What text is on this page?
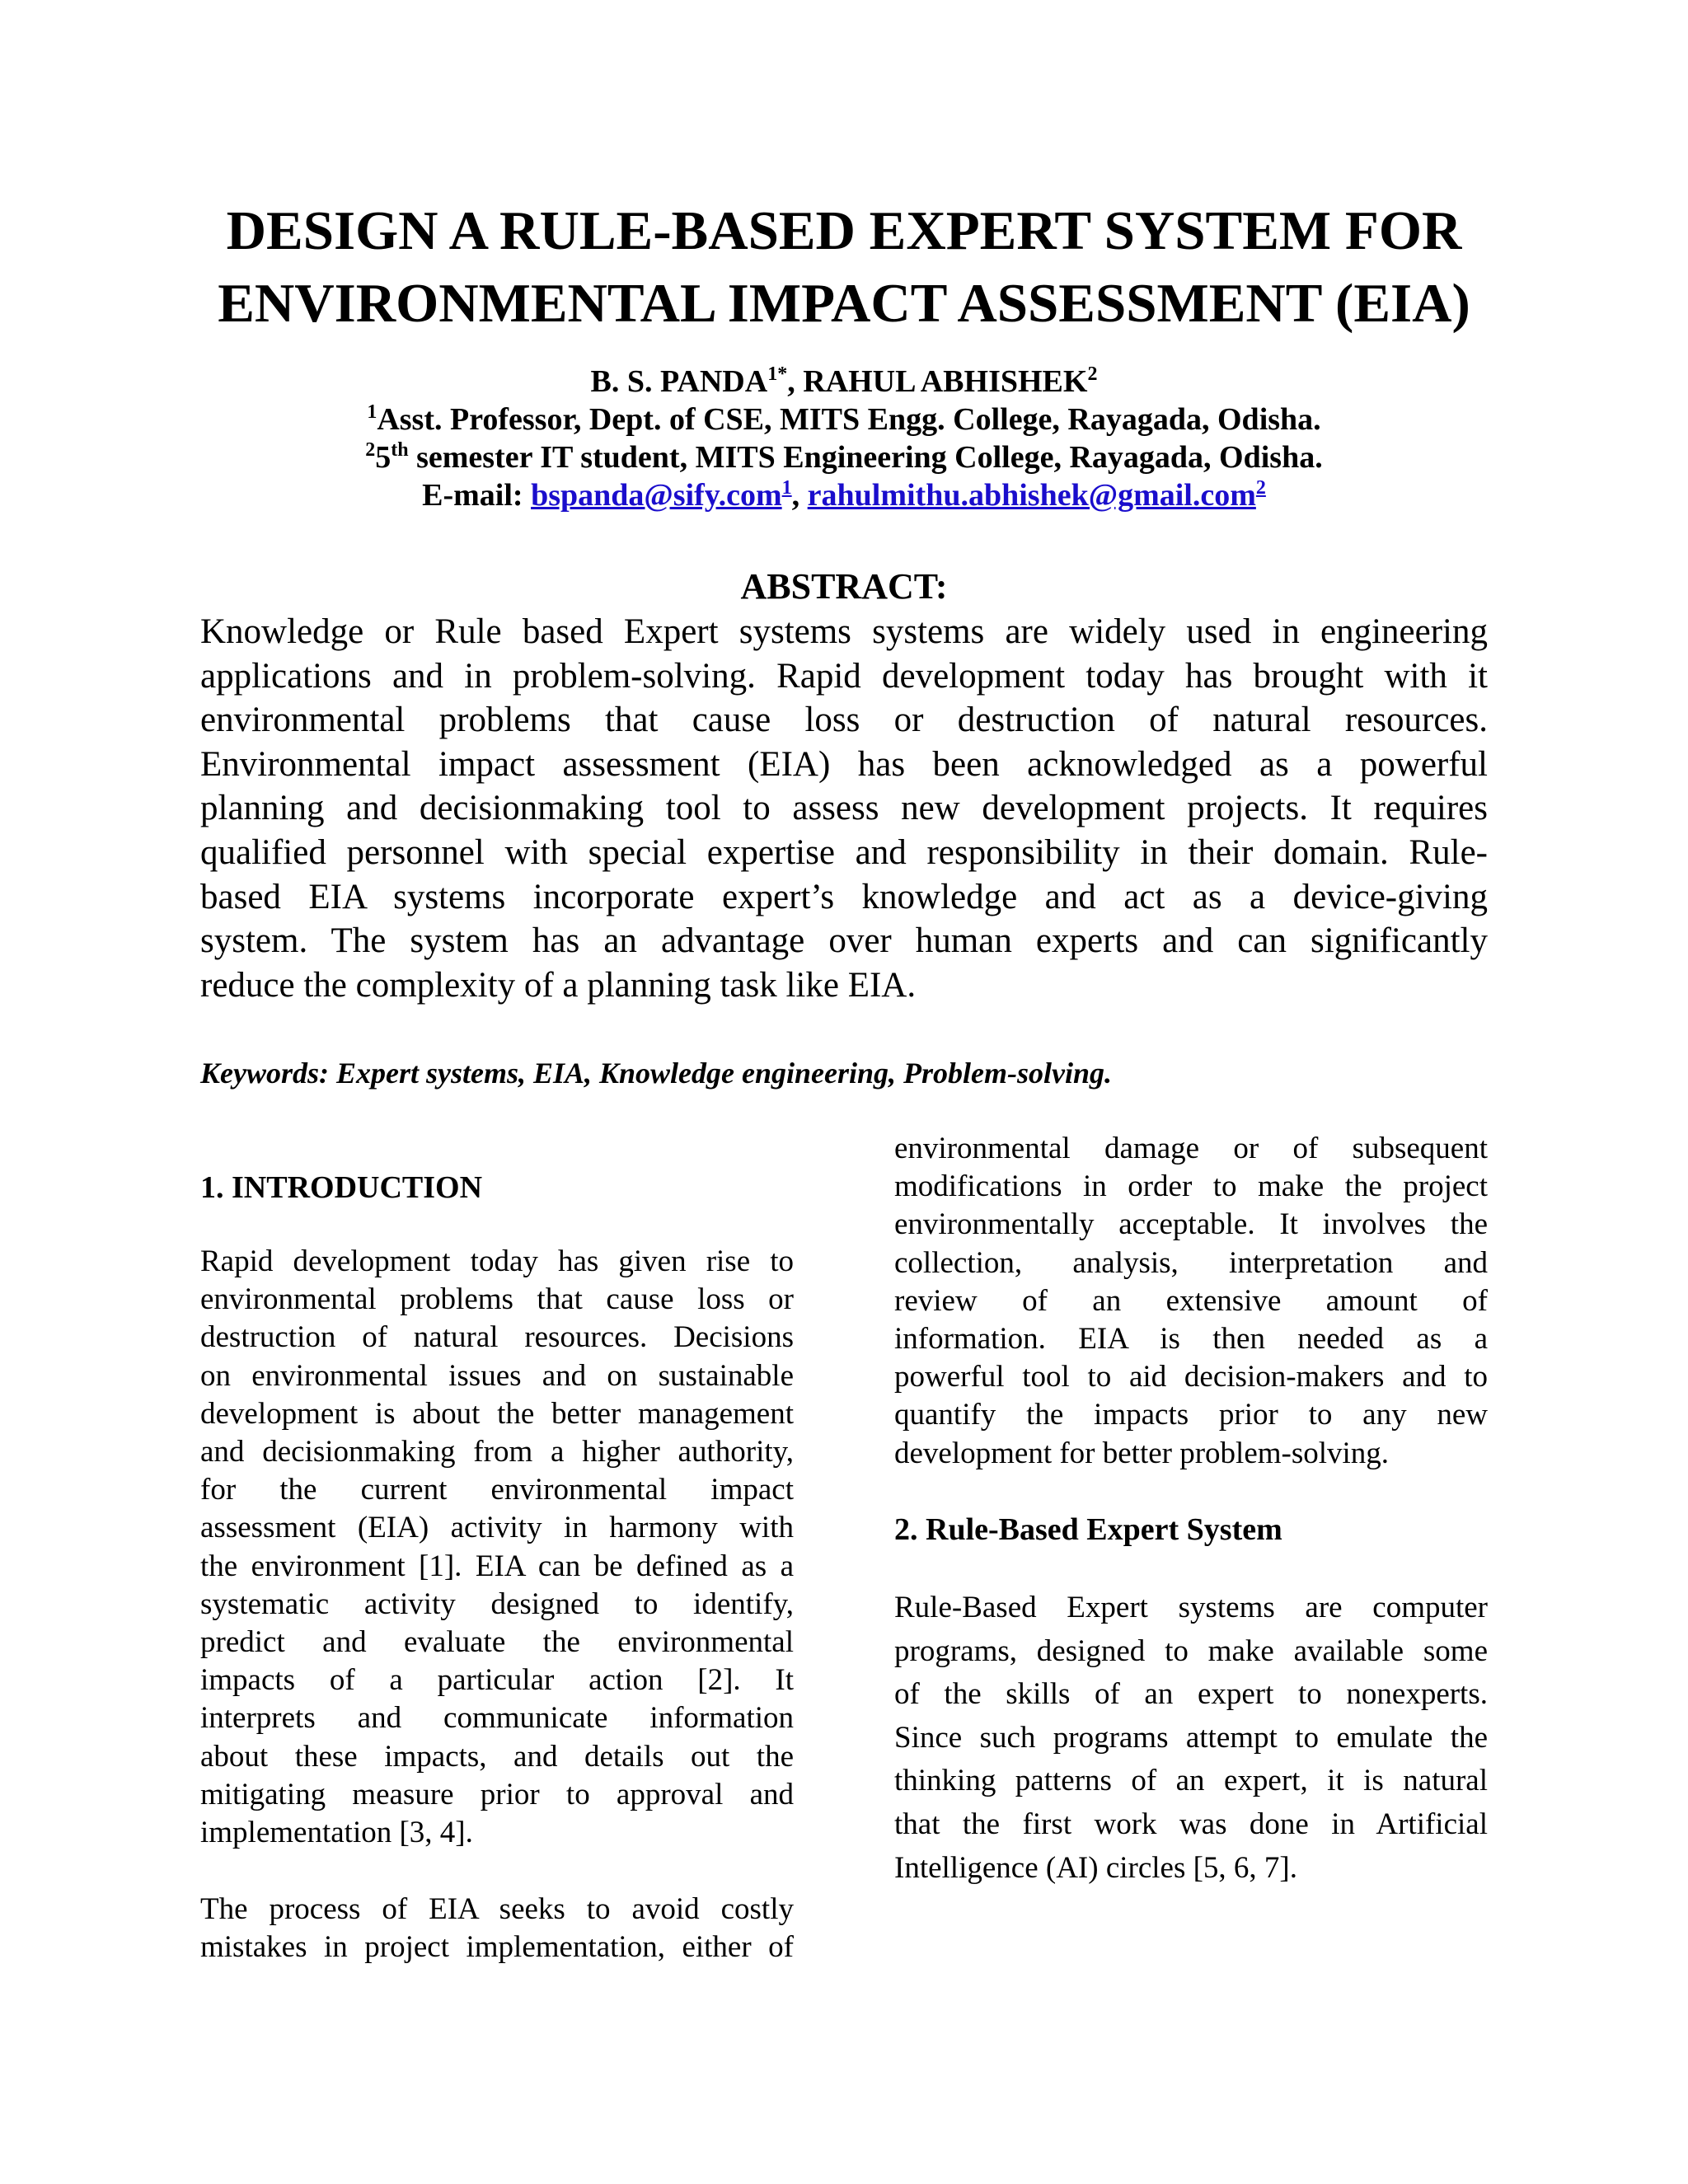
DESIGN A RULE-BASED EXPERT SYSTEM FOR
ENVIRONMENTAL IMPACT ASSESSMENT (EIA)
B. S. $PANDA^{1*}$, RAHUL ABHISHEK$^2$
$^1$Asst. Professor, Dept. of CSE, MITS Engg. College, Rayagada, Odisha.
$^2$5th semester IT student, MITS Engineering College, Rayagada, Odisha.
E-mail: bspanda@sify.com$^1$, rahulmithu.abhishek@gmail.com$^2$
ABSTRACT:
Knowledge or Rule based Expert systems systems are widely used in engineering
applications and in problem-solving. Rapid development today has brought with it
environmental problems that cause loss or destruction of natural resources.
Environmental impact assessment (EIA) has been acknowledged as a powerful
planning and decisionmaking tool to assess new development projects. It requires
qualified personnel with special expertise and responsibility in their domain. Rule-
based EIA systems incorporate expert’s knowledge and act as a device-giving
system. The system has an advantage over human experts and can significantly
reduce the complexity of a planning task like EIA.

Keywords: Expert systems, EIA, Knowledge engineering, Problem-solving.

1. INTRODUCTION
Rapid development today has given rise to
environmental problems that cause loss or
destruction of natural resources. Decisions
on environmental issues and on sustainable
development is about the better management
and decisionmaking from a higher authority,
for the current environmental impact
assessment (EIA) activity in harmony with
the environment [1]. EIA can be defined as a
systematic activity designed to identify,
predict and evaluate the environmental
impacts of a particular action [2]. It
interprets and communicate information
about these impacts, and details out the
mitigating measure prior to approval and
implementation [3, 4].
The process of EIA seeks to avoid costly
mistakes in project implementation, either of
environmental damage or of subsequent
modifications in order to make the project
environmentally acceptable. It involves the
collection, analysis, interpretation and
review of an extensive amount of
information. EIA is then needed as a
powerful tool to aid decision-makers and to
quantify the impacts prior to any new
development for better problem-solving.
2. Rule-Based Expert System
Rule-Based Expert systems are computer
programs, designed to make available some
of the skills of an expert to nonexperts.
Since such programs attempt to emulate the
thinking patterns of an expert, it is natural
that the first work was done in Artificial
Intelligence (AI) circles [5, 6, 7].
